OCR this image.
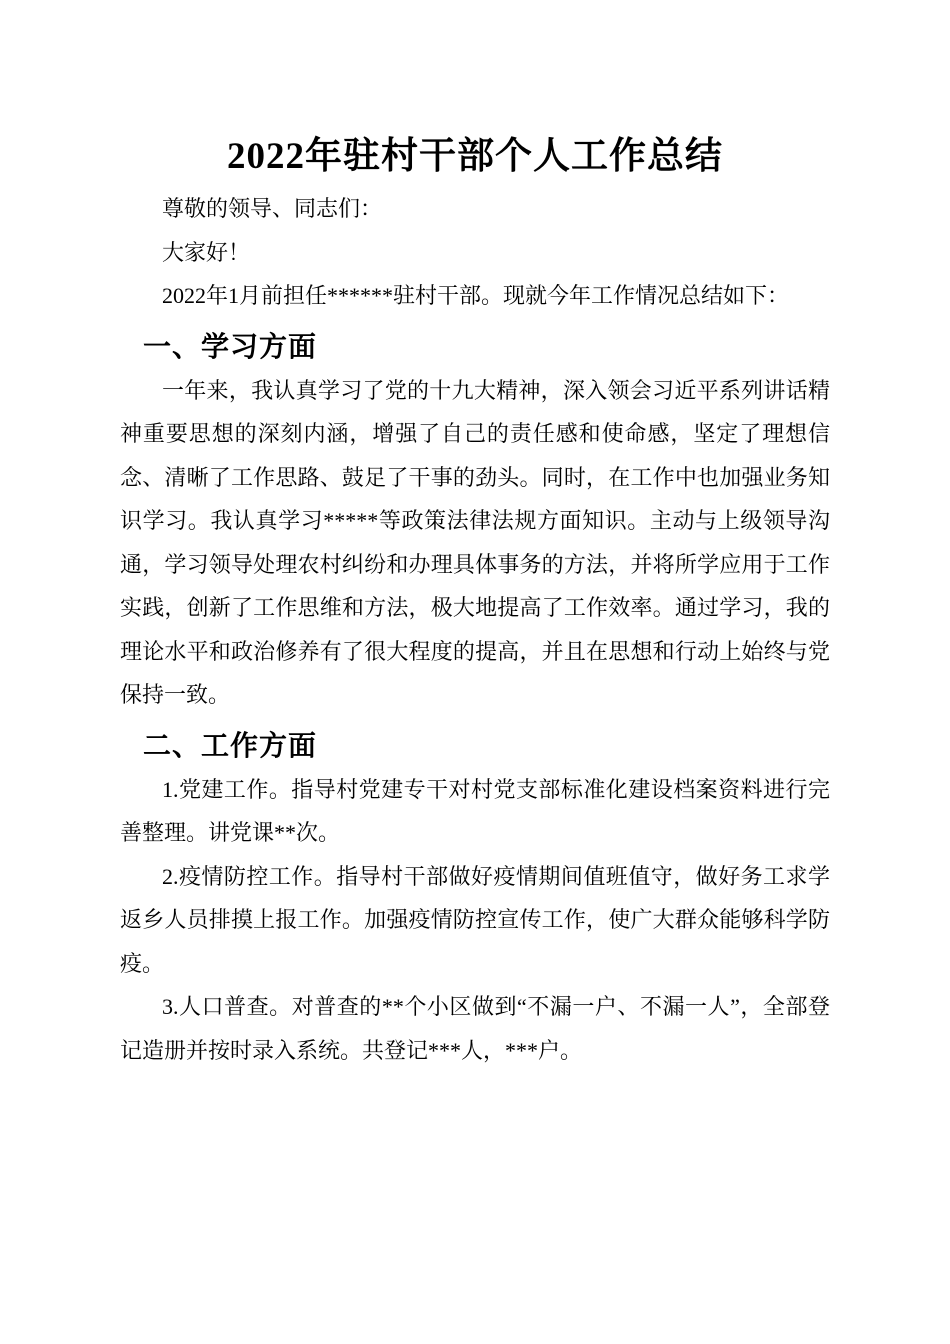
2022年驻村干部个人工作总结

尊敬的领导、同志们：

大家好！

2022年1月前担任******驻村干部。现就今年工作情况总结如下：

一、学习方面

一年来，我认真学习了党的十九大精神，深入领会习近平系列讲话精神重要思想的深刻内涵，增强了自己的责任感和使命感，坚定了理想信念、清晰了工作思路、鼓足了干事的劲头。同时，在工作中也加强业务知识学习。我认真学习*****等政策法律法规方面知识。主动与上级领导沟通，学习领导处理农村纠纷和办理具体事务的方法，并将所学应用于工作实践，创新了工作思维和方法，极大地提高了工作效率。通过学习，我的理论水平和政治修养有了很大程度的提高，并且在思想和行动上始终与党保持一致。

二、工作方面

1.党建工作。指导村党建专干对村党支部标准化建设档案资料进行完善整理。讲党课**次。

2.疫情防控工作。指导村干部做好疫情期间值班值守，做好务工求学返乡人员排摸上报工作。加强疫情防控宣传工作，使广大群众能够科学防疫。

3.人口普查。对普查的**个小区做到“不漏一户、不漏一人”，全部登记造册并按时录入系统。共登记***人，***户。
